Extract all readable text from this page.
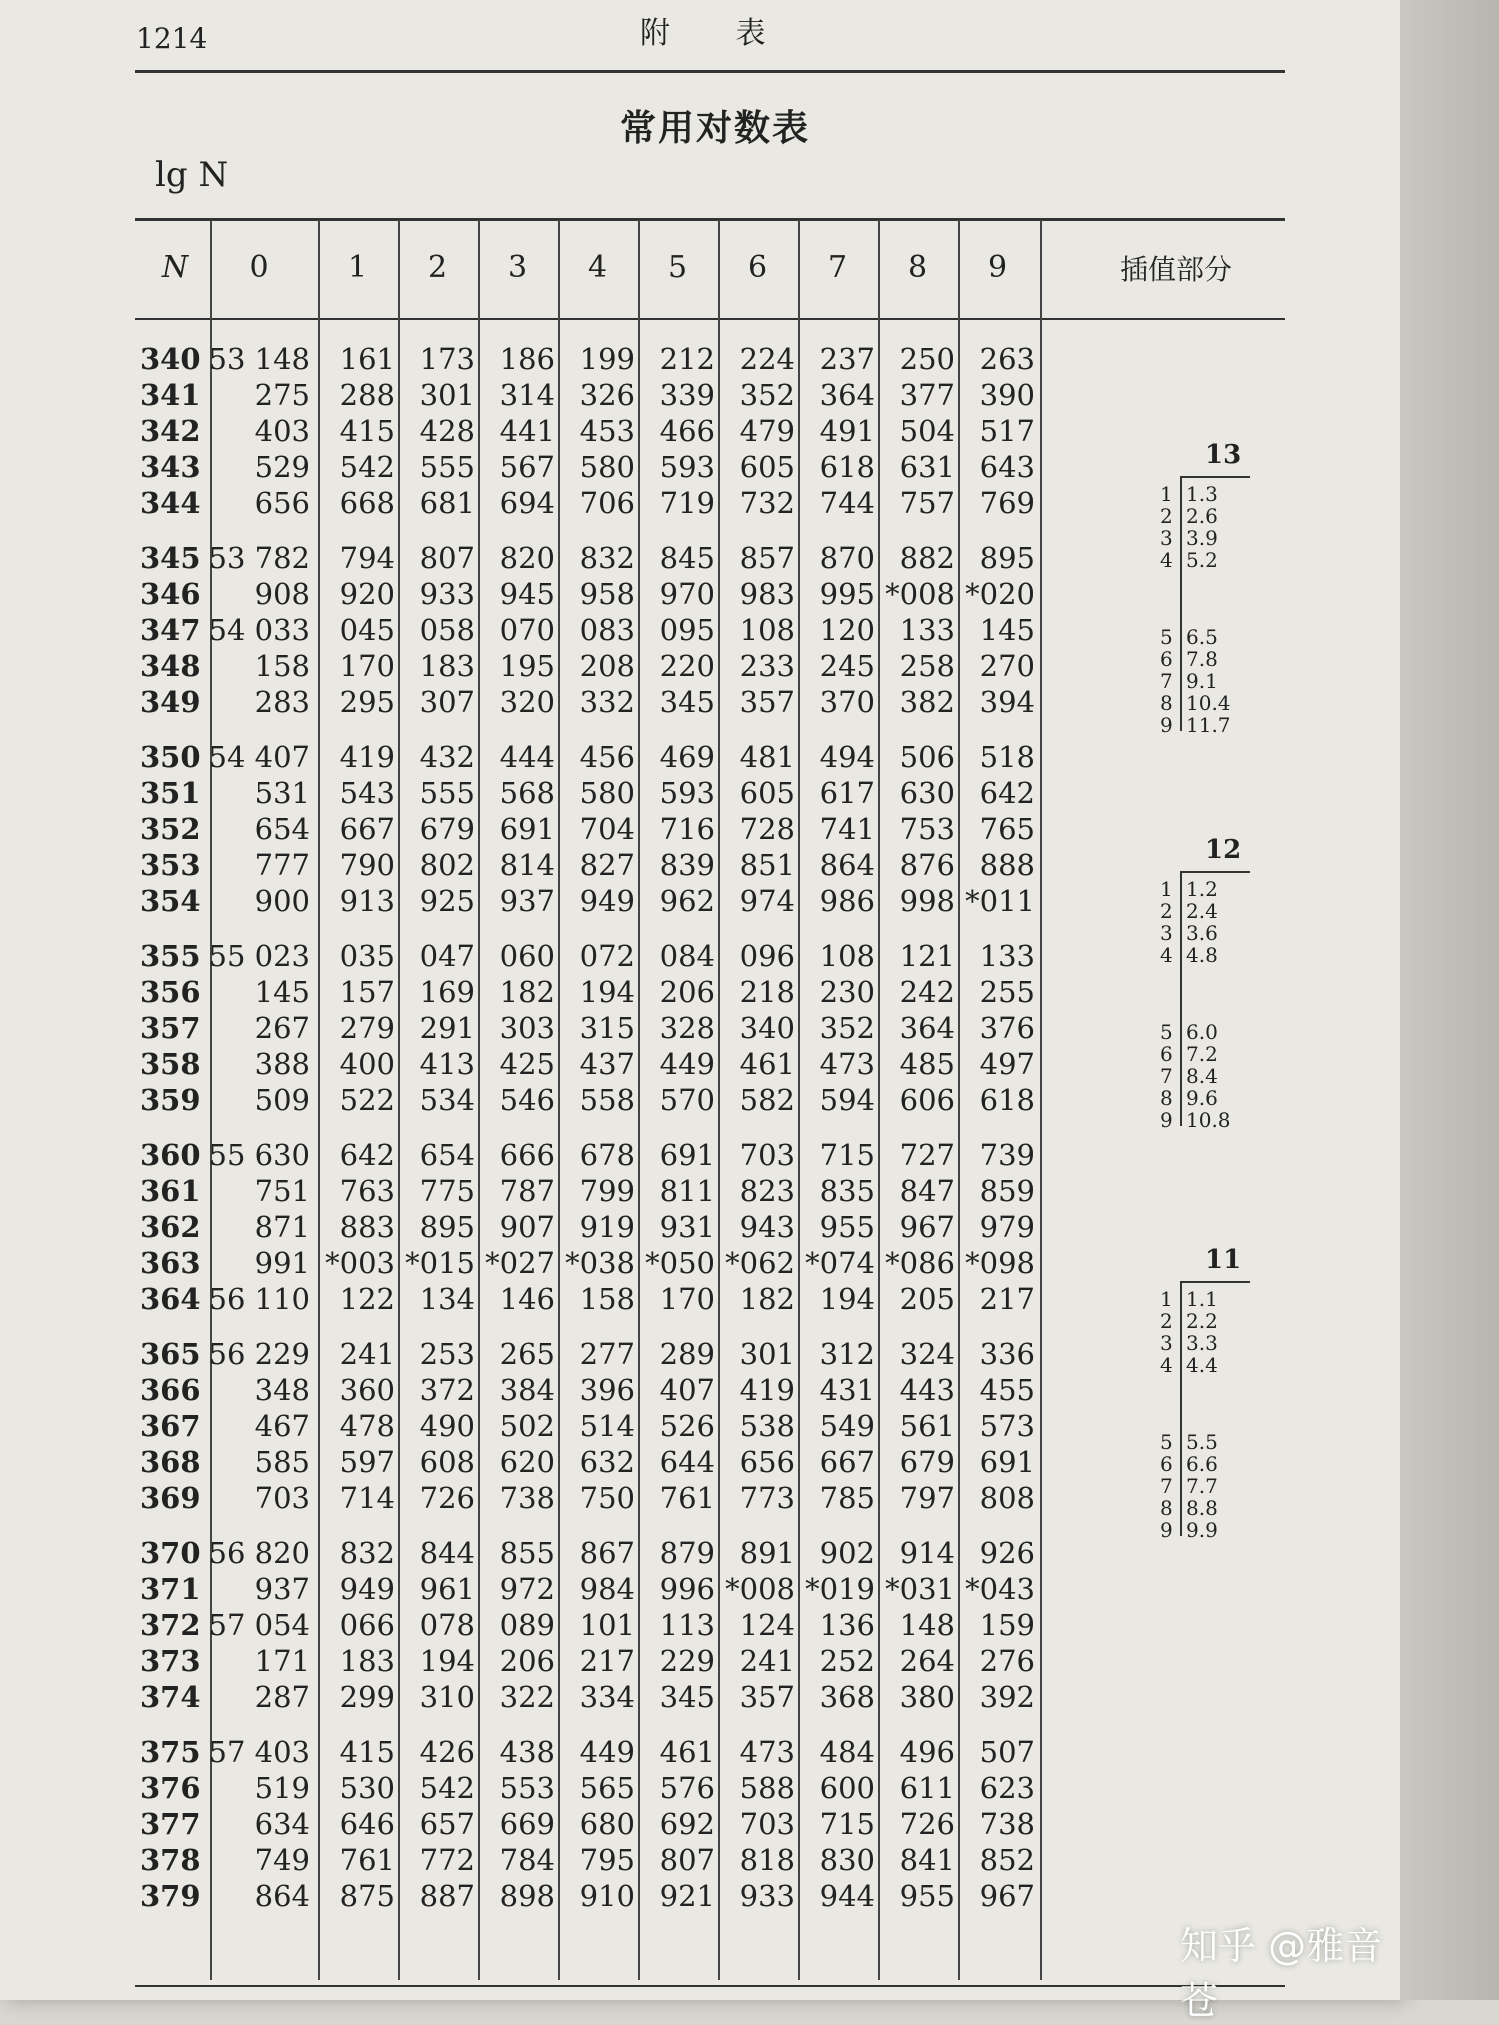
1214	附 表
常用对数表
lg N
N	0	1	2	3	4	5	6	7	8	9	插值部分
340 53 148	161 173 186 199 212 224 237 250 263
341	275	288 301 314 326 339 352 364 377 390
342	403	415 428 441 453 466 479 491 504 517
343	529	542 555 567 580 593 605 618 631 643
344	656	668 681 694 706 719 732 744 757 769
345 53 782	794 807 820 832 845 857 870 882 895
346	908	920 933 945 958 970 983 995 *008 *020
347 54 033	045 058 070 083 095 108 120 133 145
348	158	170 183 195 208 220 233 245 258 270
349	283	295 307 320 332 345 357 370 382 394
350 54 407	419 432 444 456 469 481 494 506 518
351	531	543 555 568 580 593 605 617 630 642
352	654	667 679 691 704 716 728 741 753 765
353	777	790 802 814 827 839 851 864 876 888
354	900	913 925 937 949 962 974 986 998 *011
355 55 023	035 047 060 072 084 096 108 121 133
356	145	157 169 182 194 206 218 230 242 255
357	267	279 291 303 315 328 340 352 364 376
358	388	400 413 425 437 449 461 473 485 497
359	509	522 534 546 558 570 582 594 606 618
360 55 630	642 654 666 678 691 703 715 727 739
361	751	763 775 787 799 811 823 835 847 859
362	871	883 895 907 919 931 943 955 967 979
363	991 *003 *015 *027 *038 *050 *062 *074 *086 *098
364 56 110	122 134 146 158 170 182 194 205 217
365 56 229	241 253 265 277 289 301 312 324 336
366	348	360 372 384 396 407 419 431 443 455
367	467	478 490 502 514 526 538 549 561 573
368	585	597 608 620 632 644 656 667 679 691
369	703	714 726 738 750 761 773 785 797 808
370 56 820	832 844 855 867 879 891 902 914 926
371	937	949 961 972 984 996 *008 *019 *031 *043
372 57 054	066 078 089 101 113 124 136 148 159
373	171	183 194 206 217 229 241 252 264 276
374	287	299 310 322 334 345 357 368 380 392
375 57 403	415 426 438 449 461 473 484 496 507
376	519	530 542 553 565 576 588 600 611 623
377	634	646 657 669 680 692 703 715 726 738
378	749	761 772 784 795 807 818 830 841 852
379	864	875 887 898 910 921 933 944 955 967
13
1 1.3
2 2.6
3 3.9
4 5.2
5 6.5
6 7.8
7 9.1
8 10.4
9 11.7
12
1 1.2
2 2.4
3 3.6
4 4.8
5 6.0
6 7.2
7 8.4
8 9.6
9 10.8
11
1 1.1
2 2.2
3 3.3
4 4.4
5 5.5
6 6.6
7 7.7
8 8.8
9 9.9
知乎 @雅音苍
